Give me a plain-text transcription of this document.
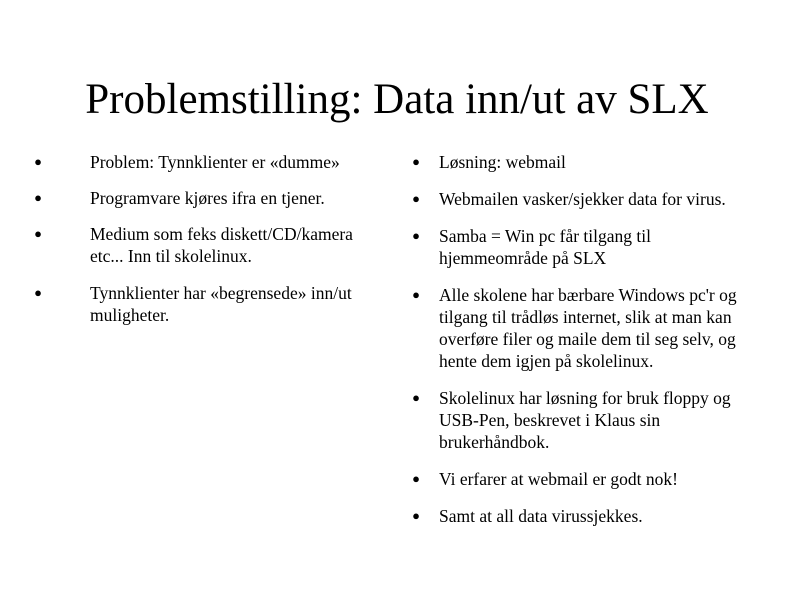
Problemstilling: Data inn/ut av SLX
●	Problem: Tynnklienter er «dumme»
●	Programvare kjøres ifra en tjener.
●	Medium som feks diskett/CD/kamera etc... Inn til skolelinux.
●	Tynnklienter har «begrensede» inn/ut muligheter.
● Løsning: webmail
● Webmailen vasker/sjekker data for virus.
● Samba = Win pc får tilgang til hjemmeområde på SLX
● Alle skolene har bærbare Windows pc'r og tilgang til trådløs internet, slik at man kan overføre filer og maile dem til seg selv, og hente dem igjen på skolelinux.
● Skolelinux har løsning for bruk floppy og USB-Pen, beskrevet i Klaus sin brukerhåndbok.
● Vi erfarer at webmail er godt nok!
● Samt at all data virussjekkes.
